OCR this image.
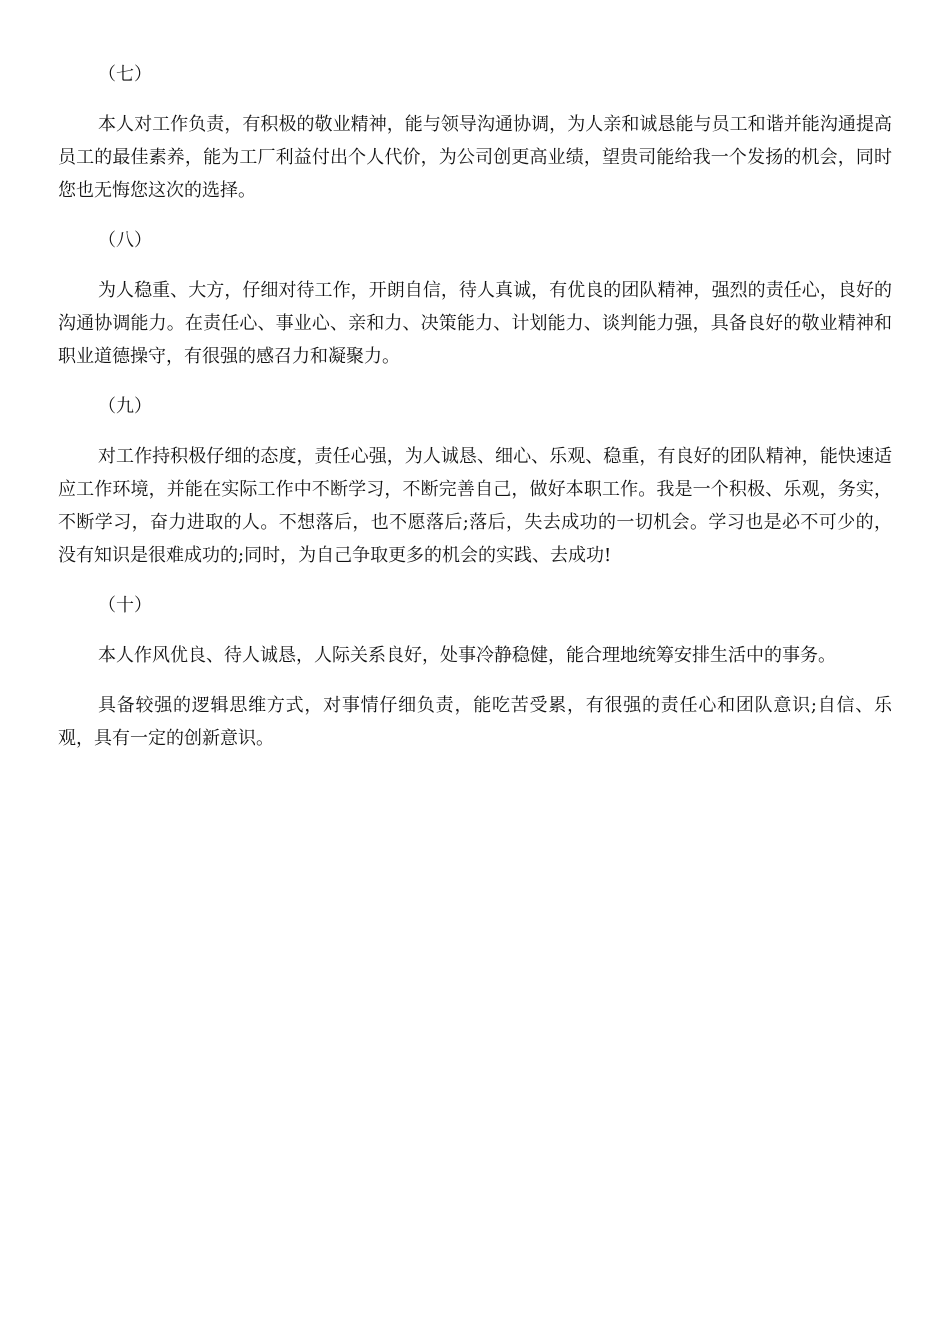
（七）

本人对工作负责，有积极的敬业精神，能与领导沟通协调，为人亲和诚恳能与员工和谐并能沟通提高员工的最佳素养，能为工厂利益付出个人代价，为公司创更高业绩，望贵司能给我一个发扬的机会，同时您也无悔您这次的选择。

（八）

为人稳重、大方，仔细对待工作，开朗自信，待人真诚，有优良的团队精神，强烈的责任心，良好的沟通协调能力。在责任心、事业心、亲和力、决策能力、计划能力、谈判能力强，具备良好的敬业精神和职业道德操守，有很强的感召力和凝聚力。

（九）

对工作持积极仔细的态度，责任心强，为人诚恳、细心、乐观、稳重，有良好的团队精神，能快速适应工作环境，并能在实际工作中不断学习，不断完善自己，做好本职工作。我是一个积极、乐观，务实，不断学习，奋力进取的人。不想落后，也不愿落后;落后，失去成功的一切机会。学习也是必不可少的，没有知识是很难成功的;同时，为自己争取更多的机会的实践、去成功!

（十）

本人作风优良、待人诚恳，人际关系良好，处事冷静稳健，能合理地统筹安排生活中的事务。

具备较强的逻辑思维方式，对事情仔细负责，能吃苦受累，有很强的责任心和团队意识;自信、乐观，具有一定的创新意识。
